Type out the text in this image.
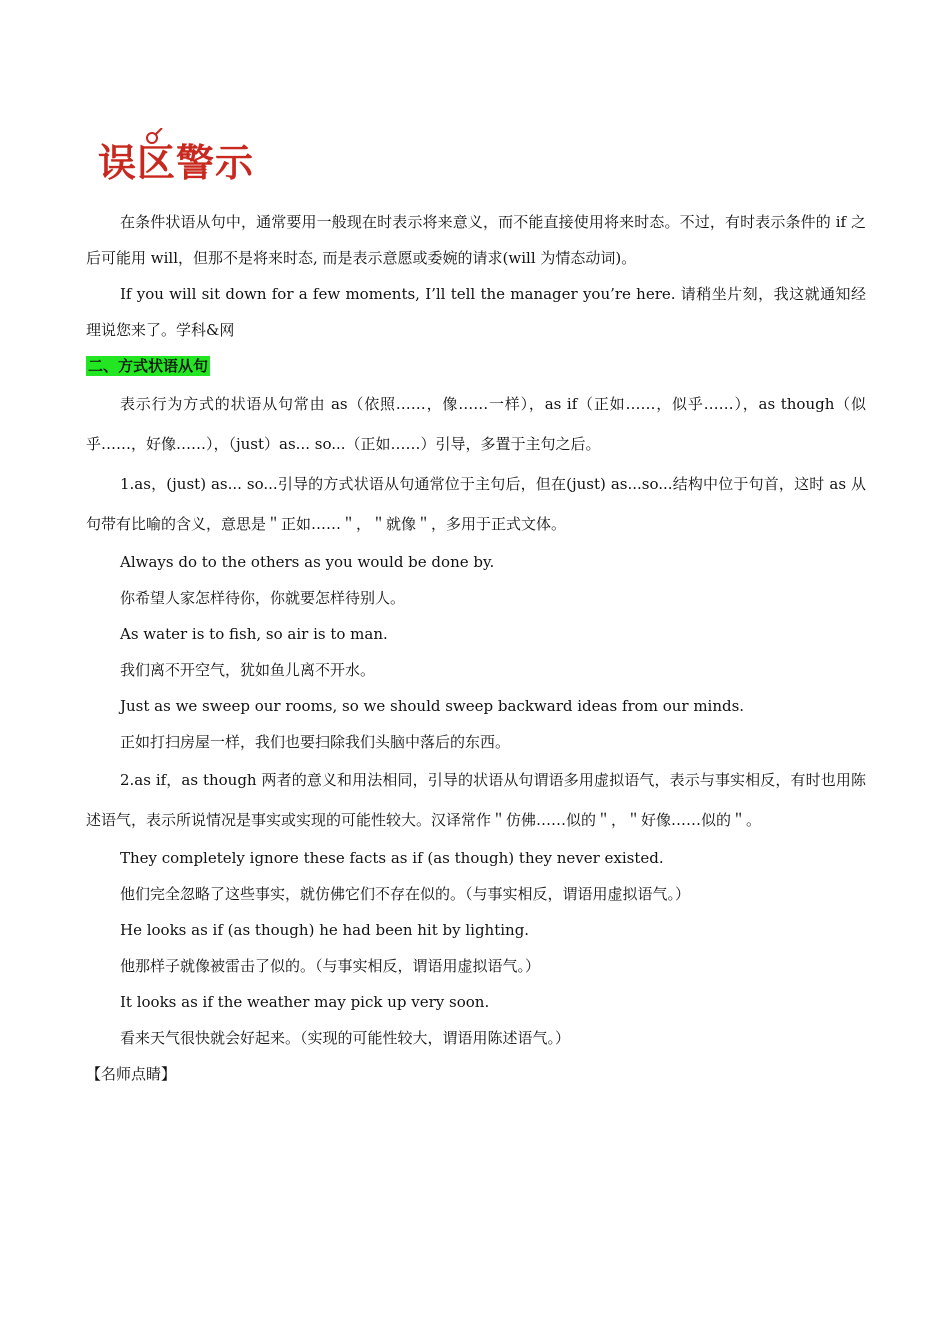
误区警示

在条件状语从句中，通常要用一般现在时表示将来意义，而不能直接使用将来时态。不过，有时表示条件的 if 之后可能用 will，但那不是将来时态, 而是表示意愿或委婉的请求(will 为情态动词)。

If you will sit down for a few moments, I’ll tell the manager you’re here. 请稍坐片刻，我这就通知经理说您来了。学科&网

二、方式状语从句

表示行为方式的状语从句常由 as（依照……，像……一样），as if（正如……，似乎……），as though（似乎……，好像……），（just）as... so...（正如……）引导，多置于主句之后。

1.as，(just) as... so...引导的方式状语从句通常位于主句后，但在(just) as...so...结构中位于句首，这时 as 从句带有比喻的含义，意思是＂正如……＂，＂就像＂，多用于正式文体。

Always do to the others as you would be done by.

你希望人家怎样待你，你就要怎样待别人。

As water is to fish, so air is to man.

我们离不开空气，犹如鱼儿离不开水。

Just as we sweep our rooms, so we should sweep backward ideas from our minds.

正如打扫房屋一样，我们也要扫除我们头脑中落后的东西。

2.as if，as though 两者的意义和用法相同，引导的状语从句谓语多用虚拟语气，表示与事实相反，有时也用陈述语气，表示所说情况是事实或实现的可能性较大。汉译常作＂仿佛……似的＂，＂好像……似的＂。

They completely ignore these facts as if (as though) they never existed.

他们完全忽略了这些事实，就仿佛它们不存在似的。（与事实相反，谓语用虚拟语气。）

He looks as if (as though) he had been hit by lighting.

他那样子就像被雷击了似的。（与事实相反，谓语用虚拟语气。）

It looks as if the weather may pick up very soon.

看来天气很快就会好起来。（实现的可能性较大，谓语用陈述语气。）

【名师点睛】
